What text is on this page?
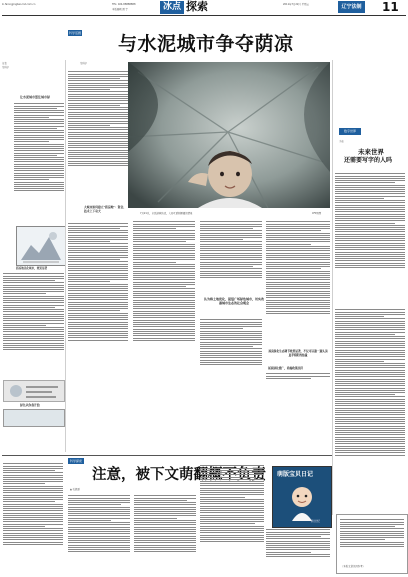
ln.farongjingbao.lnd.com.cn	TEL: 024-88888888
本版编辑 朗 宇	冰点 探索	2011年7月22日 星期五	辽宁法制 11
科学话题 与水泥城市争夺荫凉
记者
吴科宁
让水泥城市留住城市绿
荫凉地美化城市，效果显著
绿色从你我开始
吴科宁
7月21日，市民游园纳凉，大荷叶遮阳解暑的情景	CFP供图
大城市如何建立"荫凉地"：资金、技术上下功夫
认为将土地优化，提倡广场绿色城市，切实改善城市生态的社会观念
屋顶绿化生态调节效果显著，不仅可以遮一遮头顶夏季骄阳的热量
屋顶绿化推广，尚需政策扶持
数字世界
李志
未来世界
还需要写字的人吗
科学探索
注意，被下文萌翻概不负责
▲ 孔凯丽
萌版宝贝日记
新世纪
（本版文章仅供参考）
